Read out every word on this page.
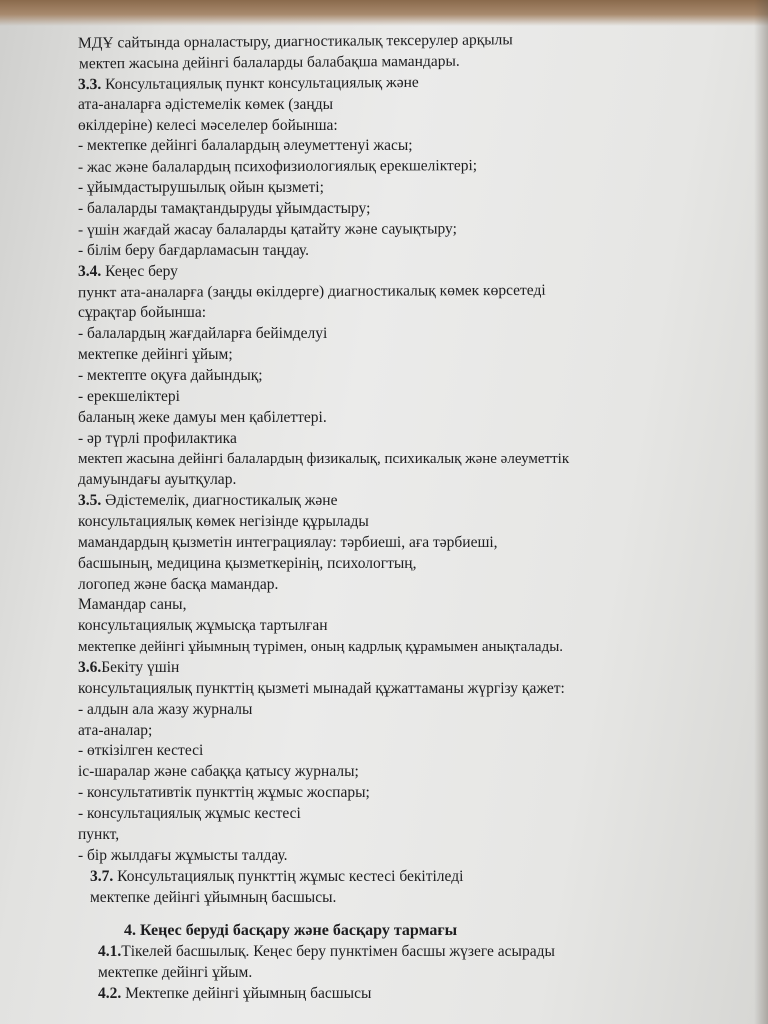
МДҰ сайтында орналастыру, диагностикалық тексерулер арқылы
мектеп жасына дейінгі балаларды балабақша мамандары.
3.3. Консультациялық пункт консультациялық және
ата-аналарға әдістемелік көмек (заңды
өкілдеріне) келесі мәселелер бойынша:
- мектепке дейінгі балалардың әлеуметтенуі жасы;
- жас және балалардың психофизиологиялық ерекшеліктері;
- ұйымдастырушылық ойын қызметі;
- балаларды тамақтандыруды ұйымдастыру;
- үшін жағдай жасау балаларды қатайту және сауықтыру;
- білім беру бағдарламасын таңдау.
3.4. Кеңес беру
пункт ата-аналарға (заңды өкілдерге) диагностикалық көмек көрсетеді
сұрақтар бойынша:
- балалардың жағдайларға бейімделуі
мектепке дейінгі ұйым;
- мектепте оқуға дайындық;
- ерекшеліктері
баланың жеке дамуы мен қабілеттері.
- әр түрлі профилактика
мектеп жасына дейінгі балалардың физикалық, психикалық және әлеуметтік
дамуындағы ауытқулар.
3.5. Әдістемелік, диагностикалық және
консультациялық көмек негізінде құрылады
мамандардың қызметін интеграциялау: тәрбиеші, аға тәрбиеші,
басшының, медицина қызметкерінің, психологтың,
логопед және басқа мамандар.
Мамандар саны,
консультациялық жұмысқа тартылған
мектепке дейінгі ұйымның түрімен, оның кадрлық құрамымен анықталады.
3.6.Бекіту үшін
консультациялық пункттің қызметі мынадай құжаттаманы жүргізу қажет:
- алдын ала жазу журналы
ата-аналар;
- өткізілген кестесі
іс-шаралар және сабаққа қатысу журналы;
- консультативтік пункттің жұмыс жоспары;
- консультациялық жұмыс кестесі
пункт,
- бір жылдағы жұмысты талдау.
3.7. Консультациялық пункттің жұмыс кестесі бекітіледі
мектепке дейінгі ұйымның басшысы.
4. Кеңес беруді басқару және басқару тармағы
4.1.Тікелей басшылық. Кеңес беру пунктімен басшы жүзеге асырады
мектепке дейінгі ұйым.
4.2. Мектепке дейінгі ұйымның басшысы
